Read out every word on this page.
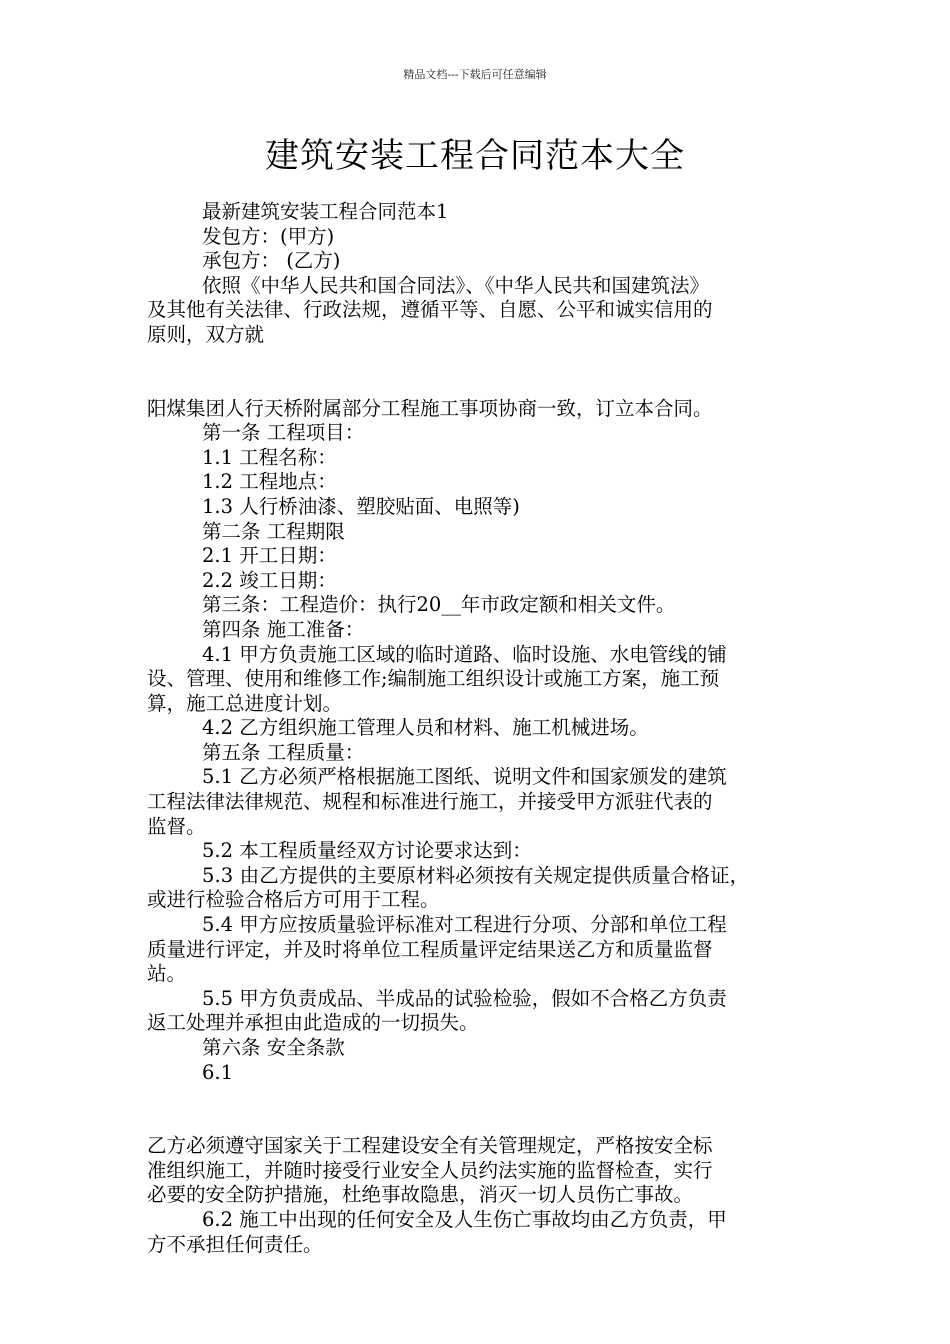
精品文档---下载后可任意编辑
建筑安装工程合同范本大全
最新建筑安装工程合同范本1
发包方：(甲方)
承包方： (乙方)
依照《中华人民共和国合同法》、《中华人民共和国建筑法》
及其他有关法律、行政法规，遵循平等、自愿、公平和诚实信用的
原则，双方就
阳煤集团人行天桥附属部分工程施工事项协商一致，订立本合同。
第一条 工程项目：
1.1 工程名称：
1.2 工程地点：
1.3 人行桥油漆、塑胶贴面、电照等)
第二条 工程期限
2.1 开工日期：
2.2 竣工日期：
第三条：工程造价：执行20__年市政定额和相关文件。
第四条 施工准备：
4.1 甲方负责施工区域的临时道路、临时设施、水电管线的铺
设、管理、使用和维修工作;编制施工组织设计或施工方案，施工预
算，施工总进度计划。
4.2 乙方组织施工管理人员和材料、施工机械进场。
第五条 工程质量：
5.1 乙方必须严格根据施工图纸、说明文件和国家颁发的建筑
工程法律法律规范、规程和标准进行施工，并接受甲方派驻代表的
监督。
5.2 本工程质量经双方讨论要求达到：
5.3 由乙方提供的主要原材料必须按有关规定提供质量合格证，
或进行检验合格后方可用于工程。
5.4 甲方应按质量验评标准对工程进行分项、分部和单位工程
质量进行评定，并及时将单位工程质量评定结果送乙方和质量监督
站。
5.5 甲方负责成品、半成品的试验检验，假如不合格乙方负责
返工处理并承担由此造成的一切损失。
第六条 安全条款
6.1
乙方必须遵守国家关于工程建设安全有关管理规定，严格按安全标
准组织施工，并随时接受行业安全人员约法实施的监督检查，实行
必要的安全防护措施，杜绝事故隐患，消灭一切人员伤亡事故。
6.2 施工中出现的任何安全及人生伤亡事故均由乙方负责，甲
方不承担任何责任。
